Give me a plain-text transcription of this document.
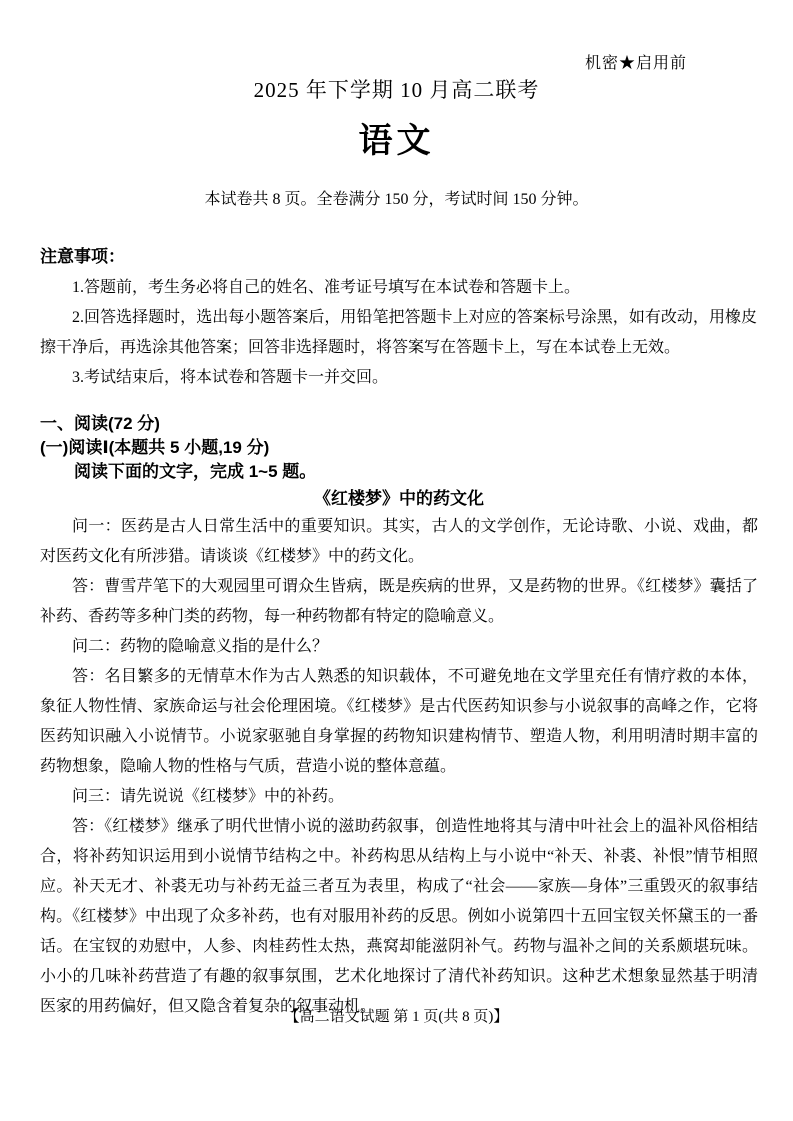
机密★启用前
2025 年下学期 10 月高二联考
语文
本试卷共 8 页。全卷满分 150 分，考试时间 150 分钟。
注意事项：

1.答题前，考生务必将自己的姓名、准考证号填写在本试卷和答题卡上。

2.回答选择题时，选出每小题答案后，用铅笔把答题卡上对应的答案标号涂黑，如有改动，用橡皮擦干净后，再选涂其他答案；回答非选择题时，将答案写在答题卡上，写在本试卷上无效。

3.考试结束后，将本试卷和答题卡一并交回。

一、阅读(72 分)
(一)阅读Ⅰ(本题共 5 小题,19 分)
阅读下面的文字，完成 1~5 题。
《红楼梦》中的药文化

问一：医药是古人日常生活中的重要知识。其实，古人的文学创作，无论诗歌、小说、戏曲，都对医药文化有所涉猎。请谈谈《红楼梦》中的药文化。

答：曹雪芹笔下的大观园里可谓众生皆病，既是疾病的世界，又是药物的世界。《红楼梦》囊括了补药、香药等多种门类的药物，每一种药物都有特定的隐喻意义。

问二：药物的隐喻意义指的是什么？

答：名目繁多的无情草木作为古人熟悉的知识载体，不可避免地在文学里充任有情疗救的本体，象征人物性情、家族命运与社会伦理困境。《红楼梦》是古代医药知识参与小说叙事的高峰之作，它将医药知识融入小说情节。小说家驱驰自身掌握的药物知识建构情节、塑造人物，利用明清时期丰富的药物想象，隐喻人物的性格与气质，营造小说的整体意蕴。

问三：请先说说《红楼梦》中的补药。

答：《红楼梦》继承了明代世情小说的滋助药叙事，创造性地将其与清中叶社会上的温补风俗相结合，将补药知识运用到小说情节结构之中。补药构思从结构上与小说中“补天、补裘、补恨”情节相照应。补天无才、补裘无功与补药无益三者互为表里，构成了“社会——家族—身体”三重毁灭的叙事结构。《红楼梦》中出现了众多补药，也有对服用补药的反思。例如小说第四十五回宝钗关怀黛玉的一番话。在宝钗的劝慰中，人参、肉桂药性太热，燕窝却能滋阴补气。药物与温补之间的关系颇堪玩味。小小的几味补药营造了有趣的叙事氛围，艺术化地探讨了清代补药知识。这种艺术想象显然基于明清医家的用药偏好，但又隐含着复杂的叙事动机。

【高二语文试题 第 1 页(共 8 页)】
